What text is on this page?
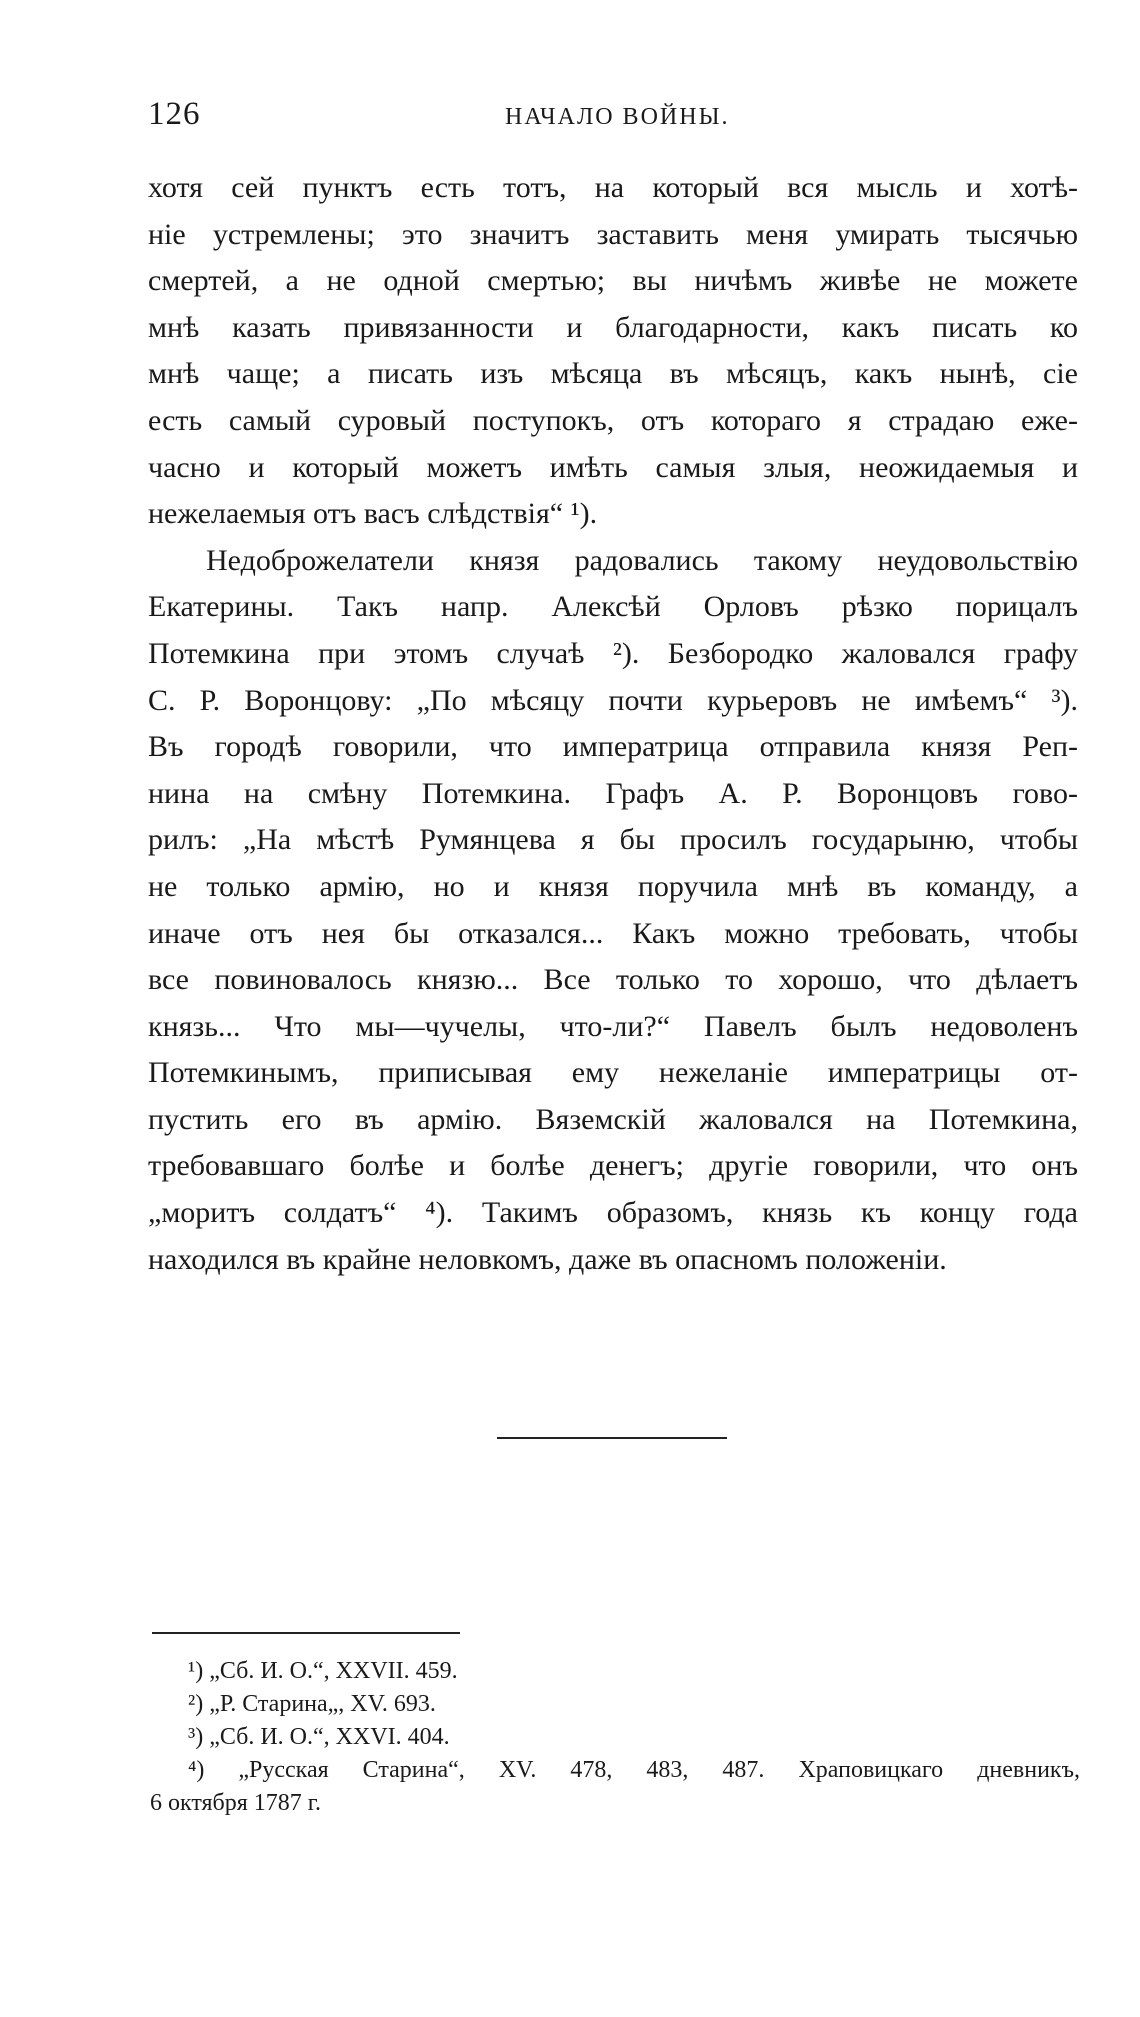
126	НАЧАЛО ВОЙНЫ.
хотя сей пунктъ есть тотъ, на который вся мысль и хотѣ-
ніе устремлены; это значитъ заставить меня умирать тысячью
смертей, а не одной смертью; вы ничѣмъ живѣе не можете
мнѣ казать привязанности и благодарности, какъ писать ко
мнѣ чаще; а писать изъ мѣсяца въ мѣсяцъ, какъ нынѣ, сіе
есть самый суровый поступокъ, отъ котораго я страдаю еже-
часно и который можетъ имѣть самыя злыя, неожидаемыя и
нежелаемыя отъ васъ слѣдствія“ ¹).
Недоброжелатели князя радовались такому неудовольствію
Екатерины. Такъ напр. Алексѣй Орловъ рѣзко порицалъ
Потемкина при этомъ случаѣ ²). Безбородко жаловался графу
С. Р. Воронцову: „По мѣсяцу почти курьеровъ не имѣемъ“ ³).
Въ городѣ говорили, что императрица отправила князя Реп-
нина на смѣну Потемкина. Графъ А. Р. Воронцовъ гово-
рилъ: „На мѣстѣ Румянцева я бы просилъ государыню, чтобы
не только армію, но и князя поручила мнѣ въ команду, а
иначе отъ нея бы отказался... Какъ можно требовать, чтобы
все повиновалось князю... Все только то хорошо, что дѣлаетъ
князь... Что мы—чучелы, что-ли?“ Павелъ былъ недоволенъ
Потемкинымъ, приписывая ему нежеланіе императрицы от-
пустить его въ армію. Вяземскій жаловался на Потемкина,
требовавшаго болѣе и болѣе денегъ; другіе говорили, что онъ
„моритъ солдатъ“ ⁴). Такимъ образомъ, князь къ концу года
находился въ крайне неловкомъ, даже въ опасномъ положеніи.
¹) „Сб. И. О.“, XXVII. 459.
²) „Р. Старина„, XV. 693.
³) „Сб. И. О.“, XXVI. 404.
⁴) „Русская Старина“, XV. 478, 483, 487. Храповицкаго дневникъ,
6 октября 1787 г.
